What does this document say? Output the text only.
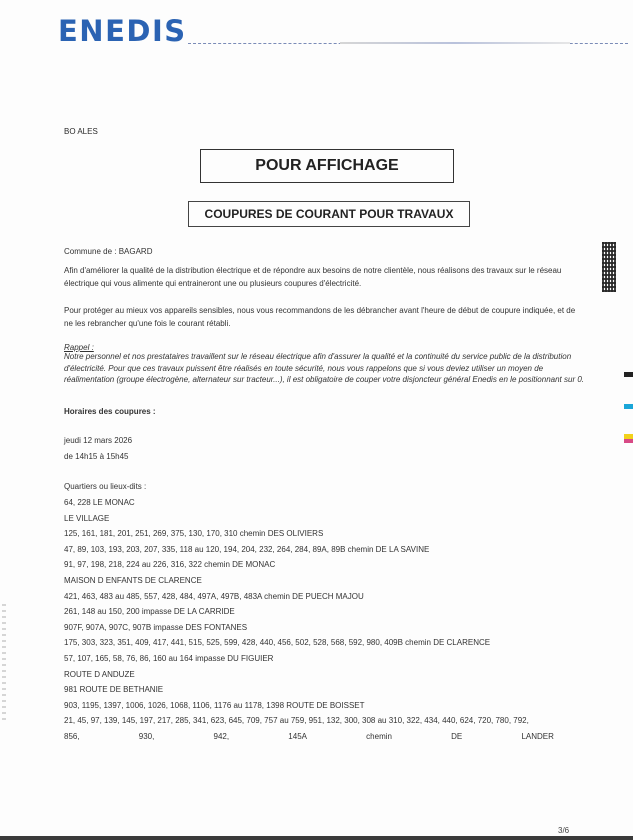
ENEDIS
BO ALES
POUR AFFICHAGE
COUPURES DE COURANT POUR TRAVAUX
Commune de : BAGARD
Afin d'améliorer la qualité de la distribution électrique et de répondre aux besoins de notre clientèle, nous réalisons des travaux sur le réseau électrique qui vous alimente qui entraineront une ou plusieurs coupures d'électricité.
Pour protéger au mieux vos appareils sensibles, nous vous recommandons de les débrancher avant l'heure de début de coupure indiquée, et de ne les rebrancher qu'une fois le courant rétabli.
Rappel :
Notre personnel et nos prestataires travaillent sur le réseau électrique afin d'assurer la qualité et la continuité du service public de la distribution d'électricité. Pour que ces travaux puissent être réalisés en toute sécurité, nous vous rappelons que si vous deviez utiliser un moyen de réalimentation (groupe électrogène, alternateur sur tracteur...), il est obligatoire de couper votre disjoncteur général Enedis en le positionnant sur 0.
Horaires des coupures :
jeudi 12 mars 2026
de 14h15 à 15h45
Quartiers ou lieux-dits :
64, 228 LE MONAC
LE VILLAGE
125, 161, 181, 201, 251, 269, 375, 130, 170, 310 chemin DES OLIVIERS
47, 89, 103, 193, 203, 207, 335, 118 au 120, 194, 204, 232, 264, 284, 89A, 89B chemin DE LA SAVINE
91, 97, 198, 218, 224 au 226, 316, 322 chemin DE MONAC
MAISON D ENFANTS DE CLARENCE
421, 463, 483 au 485, 557, 428, 484, 497A, 497B, 483A chemin DE PUECH MAJOU
261, 148 au 150, 200 impasse DE LA CARRIDE
907F, 907A, 907C, 907B impasse DES FONTANES
175, 303, 323, 351, 409, 417, 441, 515, 525, 599, 428, 440, 456, 502, 528, 568, 592, 980, 409B chemin DE CLARENCE
57, 107, 165, 58, 76, 86, 160 au 164 impasse DU FIGUIER
ROUTE D ANDUZE
981 ROUTE DE BETHANIE
903, 1195, 1397, 1006, 1026, 1068, 1106, 1176 au 1178, 1398 ROUTE DE BOISSET
21, 45, 97, 139, 145, 197, 217, 285, 341, 623, 645, 709, 757 au 759, 951, 132, 300, 308 au 310, 322, 434, 440, 624, 720, 780, 792,
856,	930,	942,	145A	chemin	DE	LANDER
3/6
